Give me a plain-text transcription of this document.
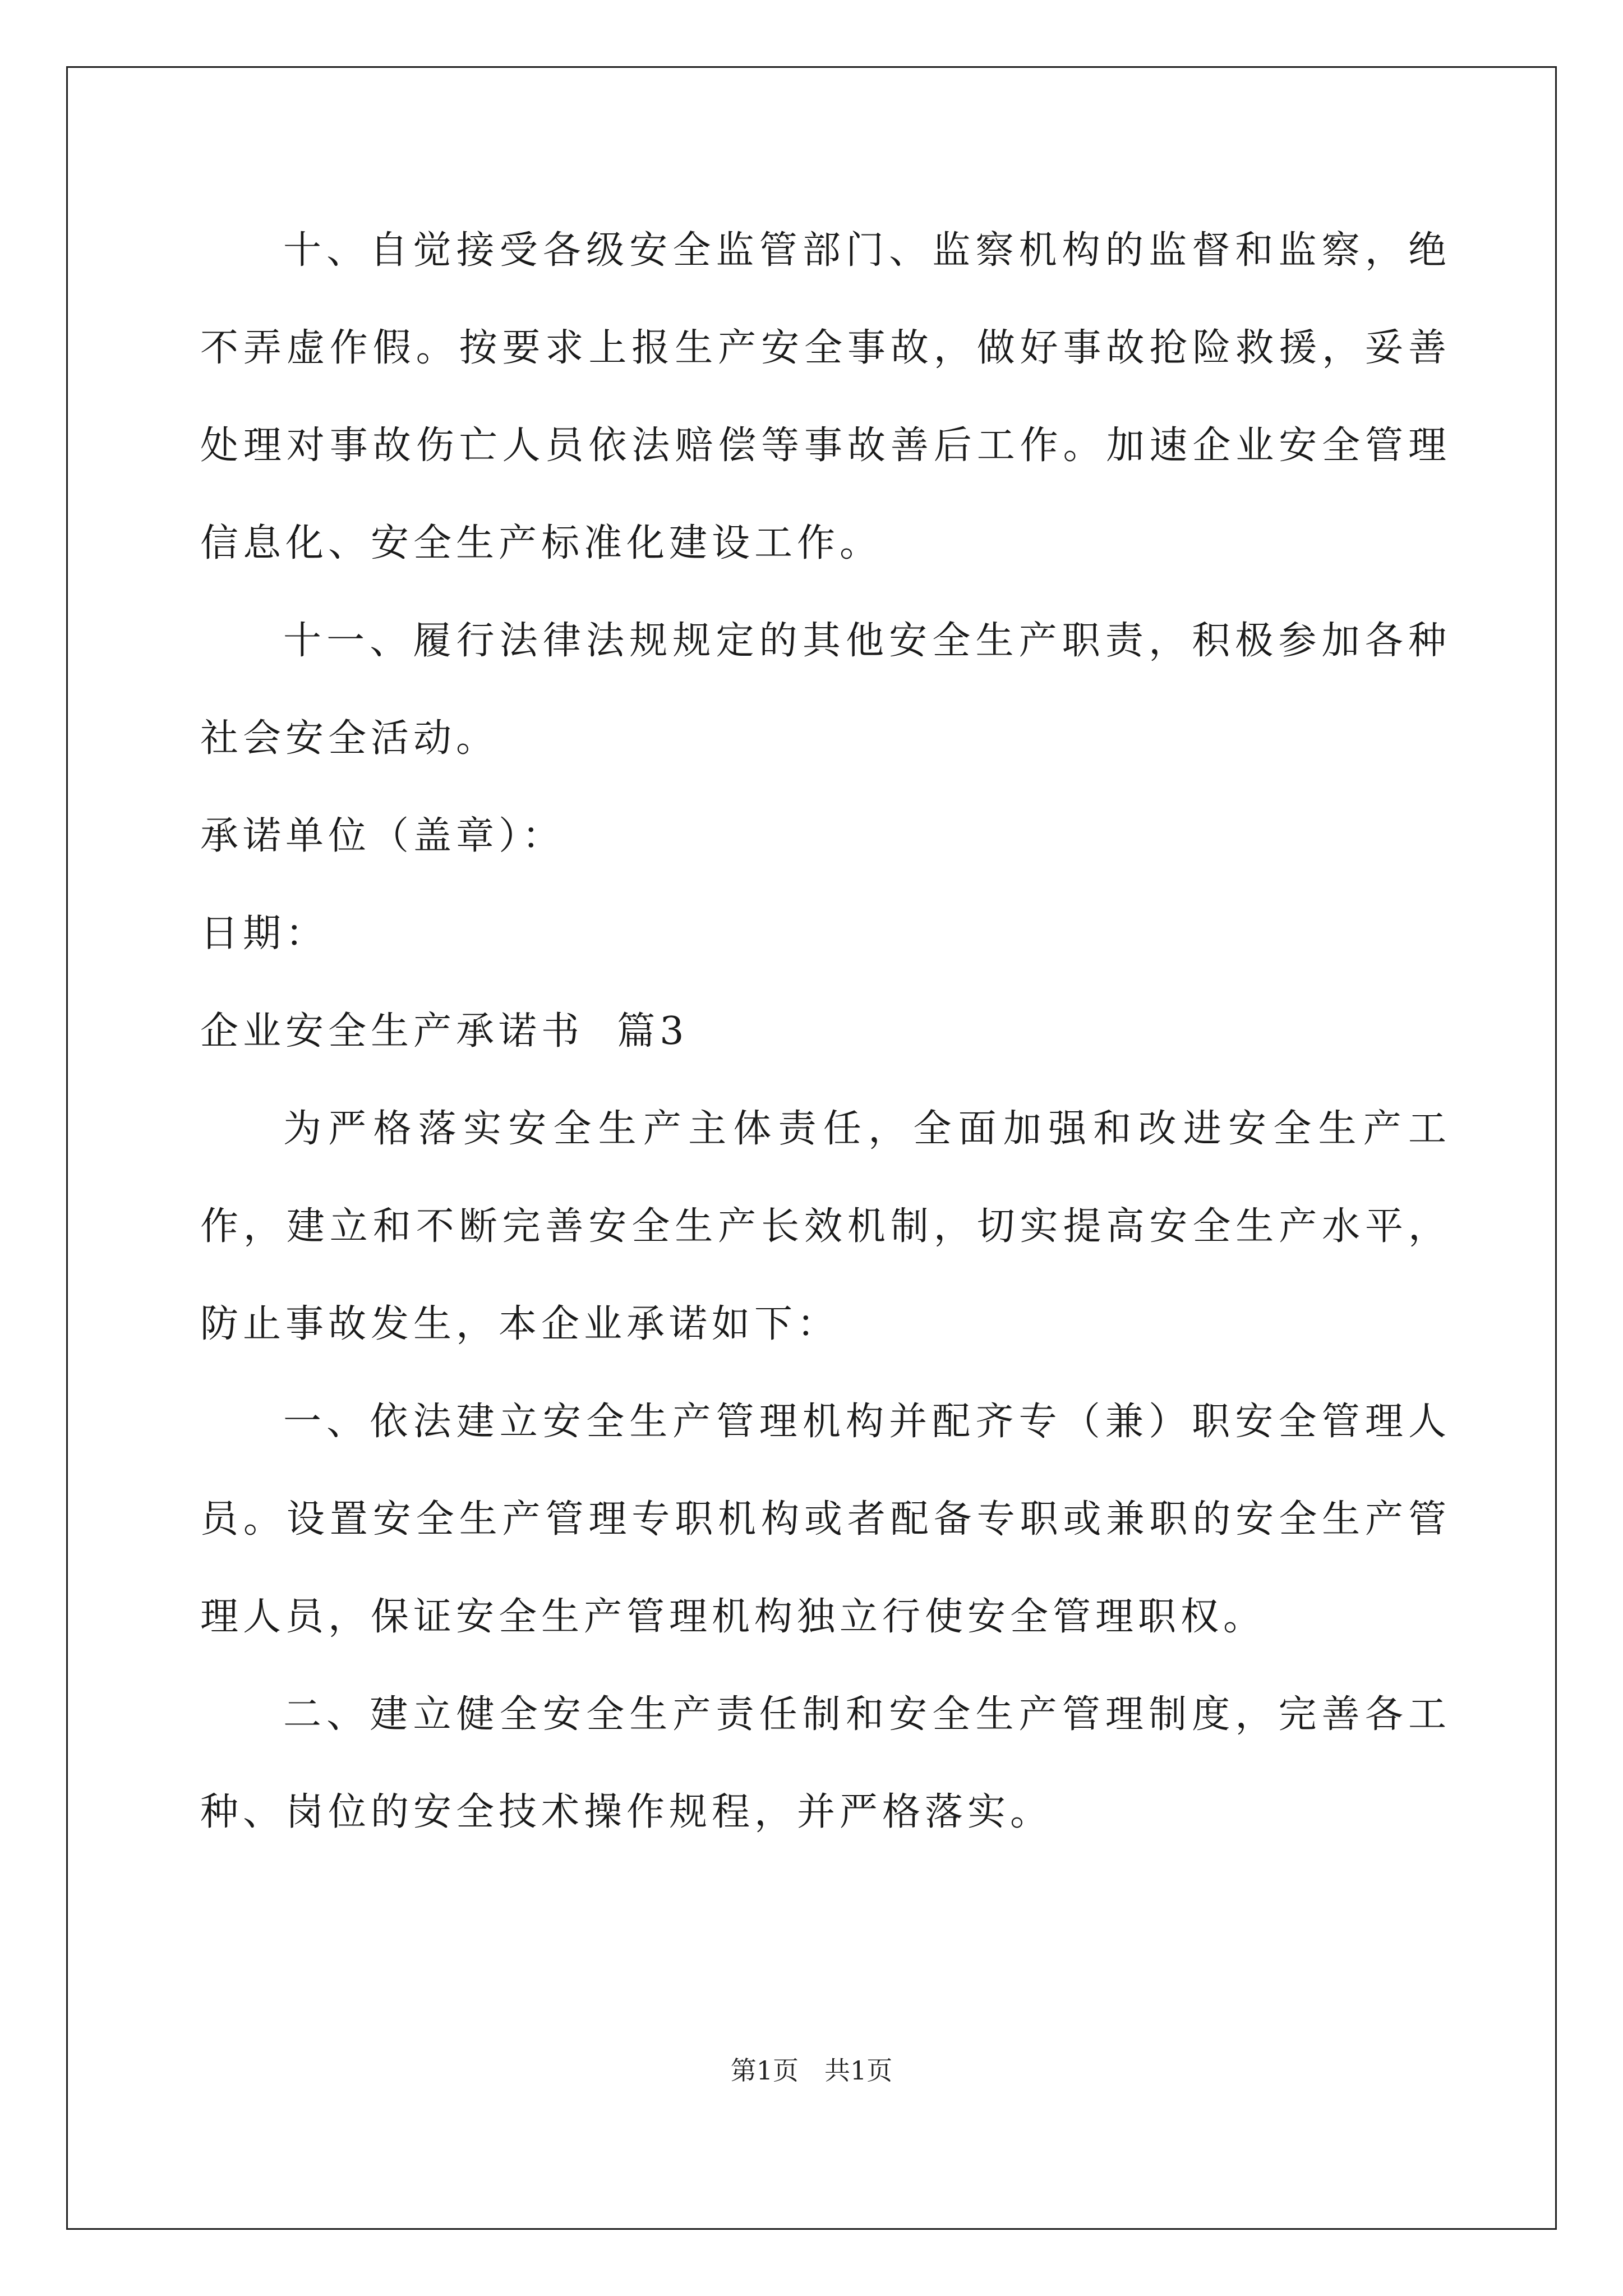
十、自觉接受各级安全监管部门、监察机构的监督和监察，绝不弄虚作假。按要求上报生产安全事故，做好事故抢险救援，妥善处理对事故伤亡人员依法赔偿等事故善后工作。加速企业安全管理信息化、安全生产标准化建设工作。

十一、履行法律法规规定的其他安全生产职责，积极参加各种社会安全活动。

承诺单位（盖章）：

日期：

企业安全生产承诺书  篇3

为严格落实安全生产主体责任，全面加强和改进安全生产工作，建立和不断完善安全生产长效机制，切实提高安全生产水平，防止事故发生，本企业承诺如下：

一、依法建立安全生产管理机构并配齐专（兼）职安全管理人员。设置安全生产管理专职机构或者配备专职或兼职的安全生产管理人员，保证安全生产管理机构独立行使安全管理职权。

二、建立健全安全生产责任制和安全生产管理制度，完善各工种、岗位的安全技术操作规程，并严格落实。

第1页 共1页
